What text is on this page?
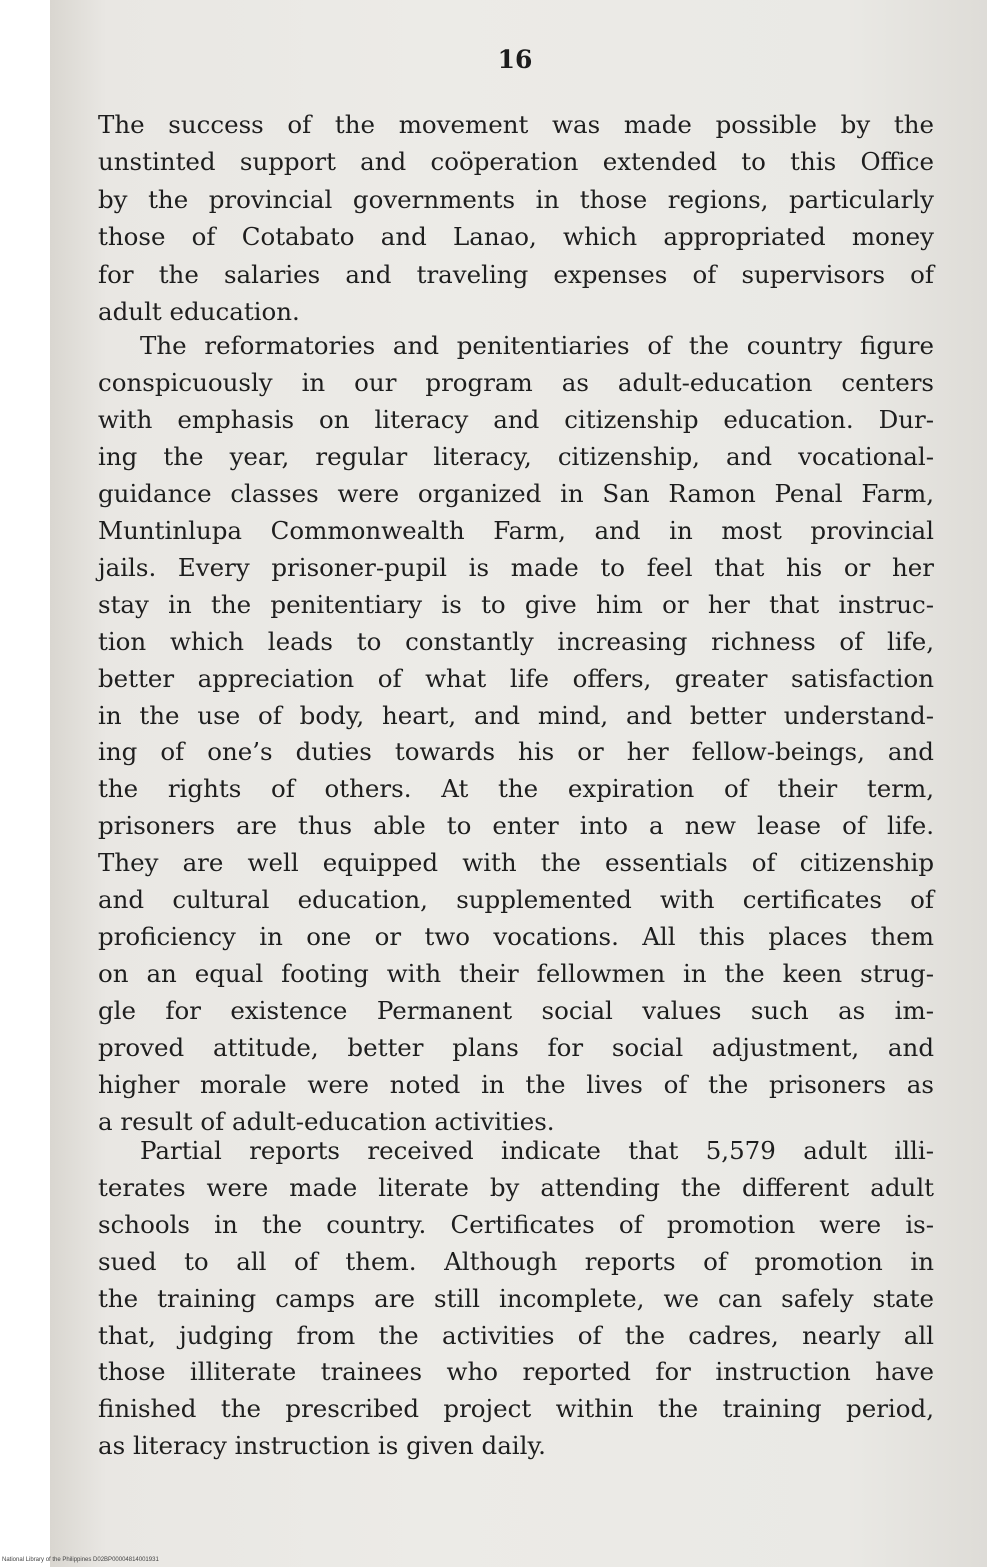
16
The success of the movement was made possible by the
unstinted support and coöperation extended to this Office
by the provincial governments in those regions, particularly
those of Cotabato and Lanao, which appropriated money
for the salaries and traveling expenses of supervisors of
adult education.
The reformatories and penitentiaries of the country figure
conspicuously in our program as adult-education centers
with emphasis on literacy and citizenship education. Dur-
ing the year, regular literacy, citizenship, and vocational-
guidance classes were organized in San Ramon Penal Farm,
Muntinlupa Commonwealth Farm, and in most provincial
jails. Every prisoner-pupil is made to feel that his or her
stay in the penitentiary is to give him or her that instruc-
tion which leads to constantly increasing richness of life,
better appreciation of what life offers, greater satisfaction
in the use of body, heart, and mind, and better understand-
ing of one’s duties towards his or her fellow-beings, and
the rights of others. At the expiration of their term,
prisoners are thus able to enter into a new lease of life.
They are well equipped with the essentials of citizenship
and cultural education, supplemented with certificates of
proficiency in one or two vocations. All this places them
on an equal footing with their fellowmen in the keen strug-
gle for existence Permanent social values such as im-
proved attitude, better plans for social adjustment, and
higher morale were noted in the lives of the prisoners as
a result of adult-education activities.
Partial reports received indicate that 5,579 adult illi-
terates were made literate by attending the different adult
schools in the country. Certificates of promotion were is-
sued to all of them. Although reports of promotion in
the training camps are still incomplete, we can safely state
that, judging from the activities of the cadres, nearly all
those illiterate trainees who reported for instruction have
finished the prescribed project within the training period,
as literacy instruction is given daily.
National Library of the Philippines D02BP00004814001931
